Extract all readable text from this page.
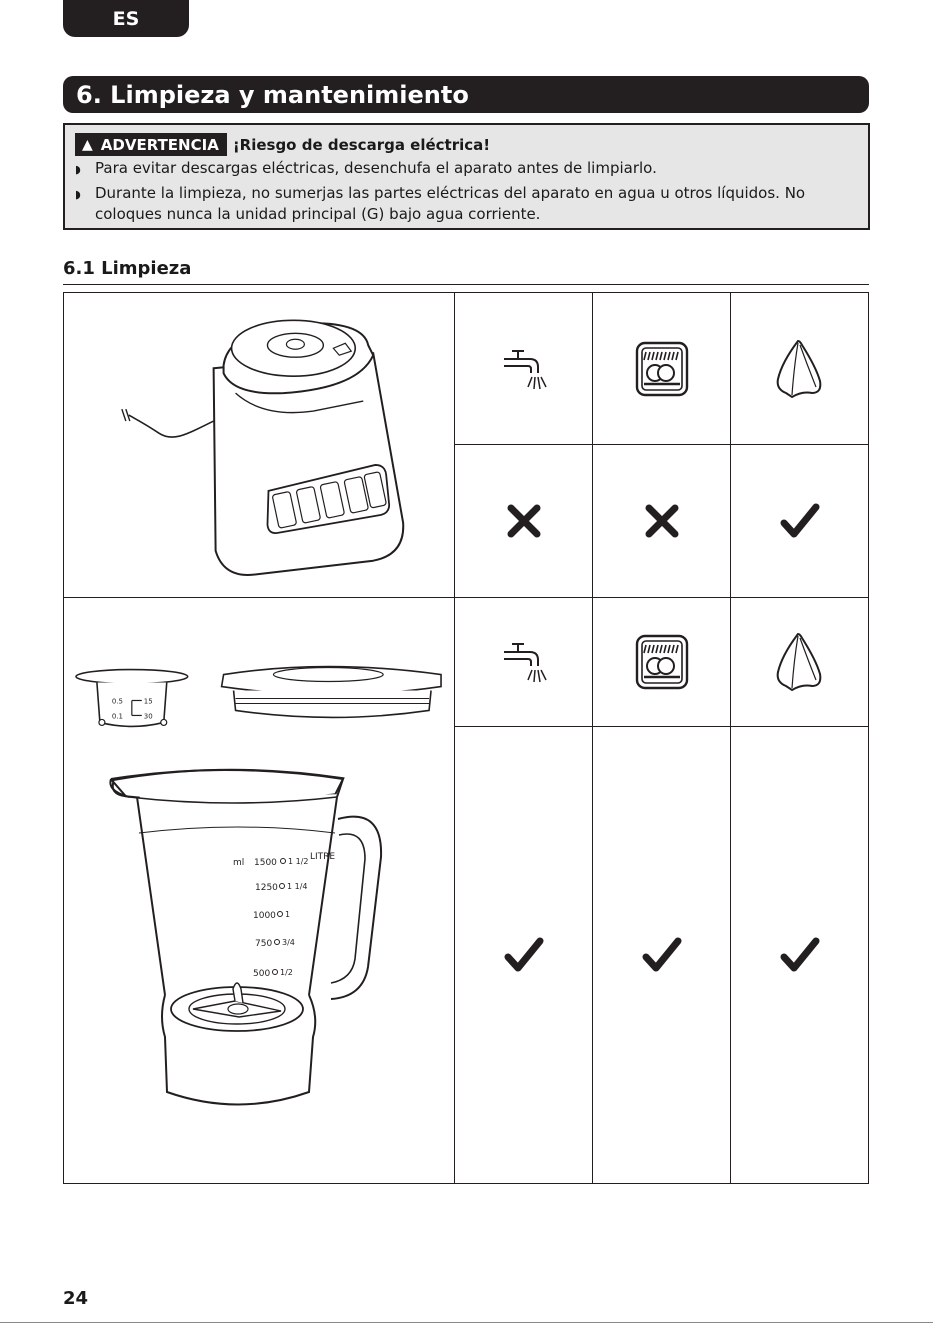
ES
6. Limpieza y mantenimiento
▲ ADVERTENCIA ¡Riesgo de descarga eléctrica!
◗ Para evitar descargas eléctricas, desenchufa el aparato antes de limpiarlo.
◗ Durante la limpieza, no sumerjas las partes eléctricas del aparato en agua u otros líquidos. No coloques nunca la unidad principal (G) bajo agua corriente.
6.1 Limpieza
15
30
0.5
0.1
ml 1500 1 1/2 LITRE
1250 1 1/4
1000 1
750 3/4
500 1/2
24
